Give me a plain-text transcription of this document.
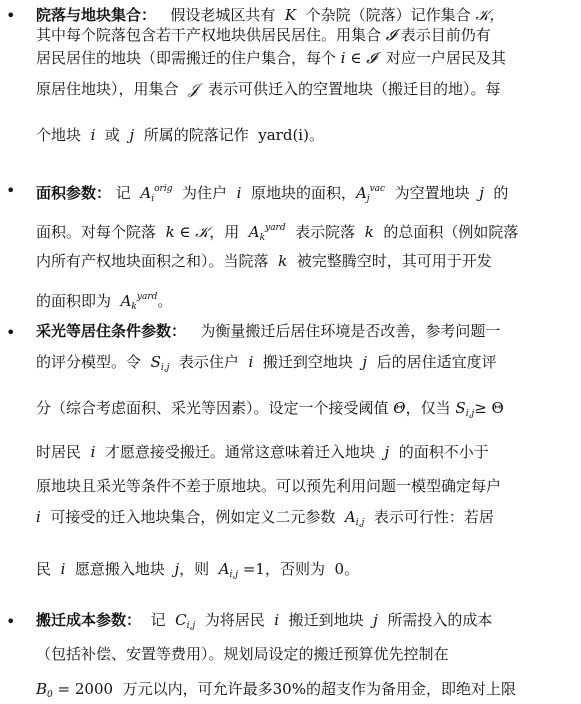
• 院落与地块集合： 假设老城区共有 K 个杂院（院落）记作集合 𝒦，
其中每个院落包含若干产权地块供居民居住。用集合 𝓘 表示目前仍有
居民居住的地块（即需搬迁的住户集合，每个 i ∈ 𝓘 对应一户居民及其
原居住地块），用集合 𝒥 表示可供迁入的空置地块（搬迁目的地）。每
个地块 i 或 j 所属的院落记作 yard(i)。
• 面积参数： 记 $A_i^{orig}$ 为住户 i 原地块的面积，$A_j^{vac}$ 为空置地块 j 的
面积。对每个院落 k ∈ 𝒦，用 $A_k^{yard}$ 表示院落 k 的总面积（例如院落
内所有产权地块面积之和）。当院落 k 被完整腾空时，其可用于开发
的面积即为 $A_k^{yard}$。
• 采光等居住条件参数： 为衡量搬迁后居住环境是否改善，参考问题一
的评分模型。令 $S_{i,j}$ 表示住户 i 搬迁到空地块 j 后的居住适宜度评
分（综合考虑面积、采光等因素）。设定一个接受阈值 Θ，仅当 $S_{i,j}\ge \Theta$
时居民 i 才愿意接受搬迁。通常这意味着迁入地块 j 的面积不小于
原地块且采光等条件不差于原地块。可以预先利用问题一模型确定每户
i 可接受的迁入地块集合，例如定义二元参数 $A_{i,j}$ 表示可行性：若居
民 i 愿意搬入地块 j，则 $A_{i,j} =1$，否则为 0。
• 搬迁成本参数： 记 $C_{i,j}$ 为将居民 i 搬迁到地块 j 所需投入的成本
（包括补偿、安置等费用）。规划局设定的搬迁预算优先控制在
$B_0 = 2000$ 万元以内，可允许最多30%的超支作为备用金，即绝对上限
